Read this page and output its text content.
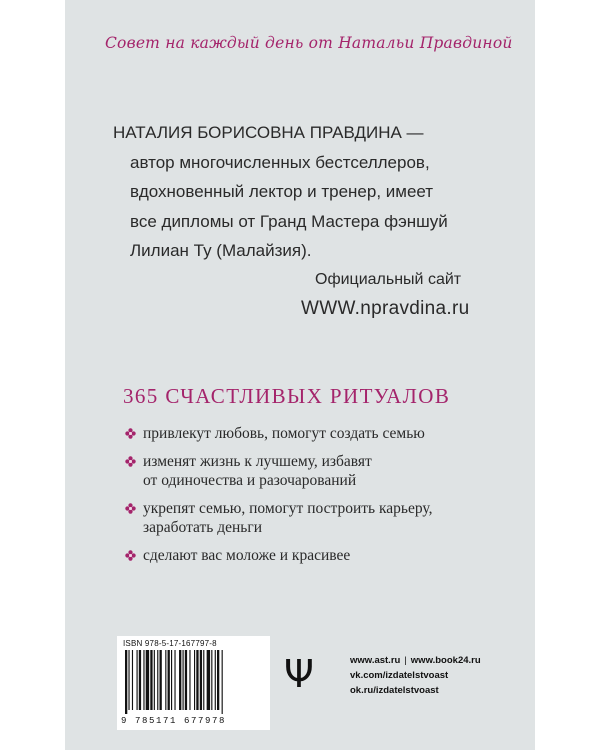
Совет на каждый день от Натальи Правдиной
НАТАЛИЯ БОРИСОВНА ПРАВДИНА —
автор многочисленных бестселлеров,
вдохновенный лектор и тренер, имеет
все дипломы от Гранд Мастера фэншуй
Лилиан Ту (Малайзия).
Официальный сайт
WWW.npravdina.ru
365 СЧАСТЛИВЫХ РИТУАЛОВ
привлекут любовь, помогут создать семью
изменят жизнь к лучшему, избавят
от одиночества и разочарований
укрепят семью, помогут построить карьеру,
заработать деньги
сделают вас моложе и красивее
ISBN 978-5-17-167797-8
9 785171 677978
Ψ	www.ast.ru | www.book24.ru
vk.com/izdatelstvoast
ok.ru/izdatelstvoast
